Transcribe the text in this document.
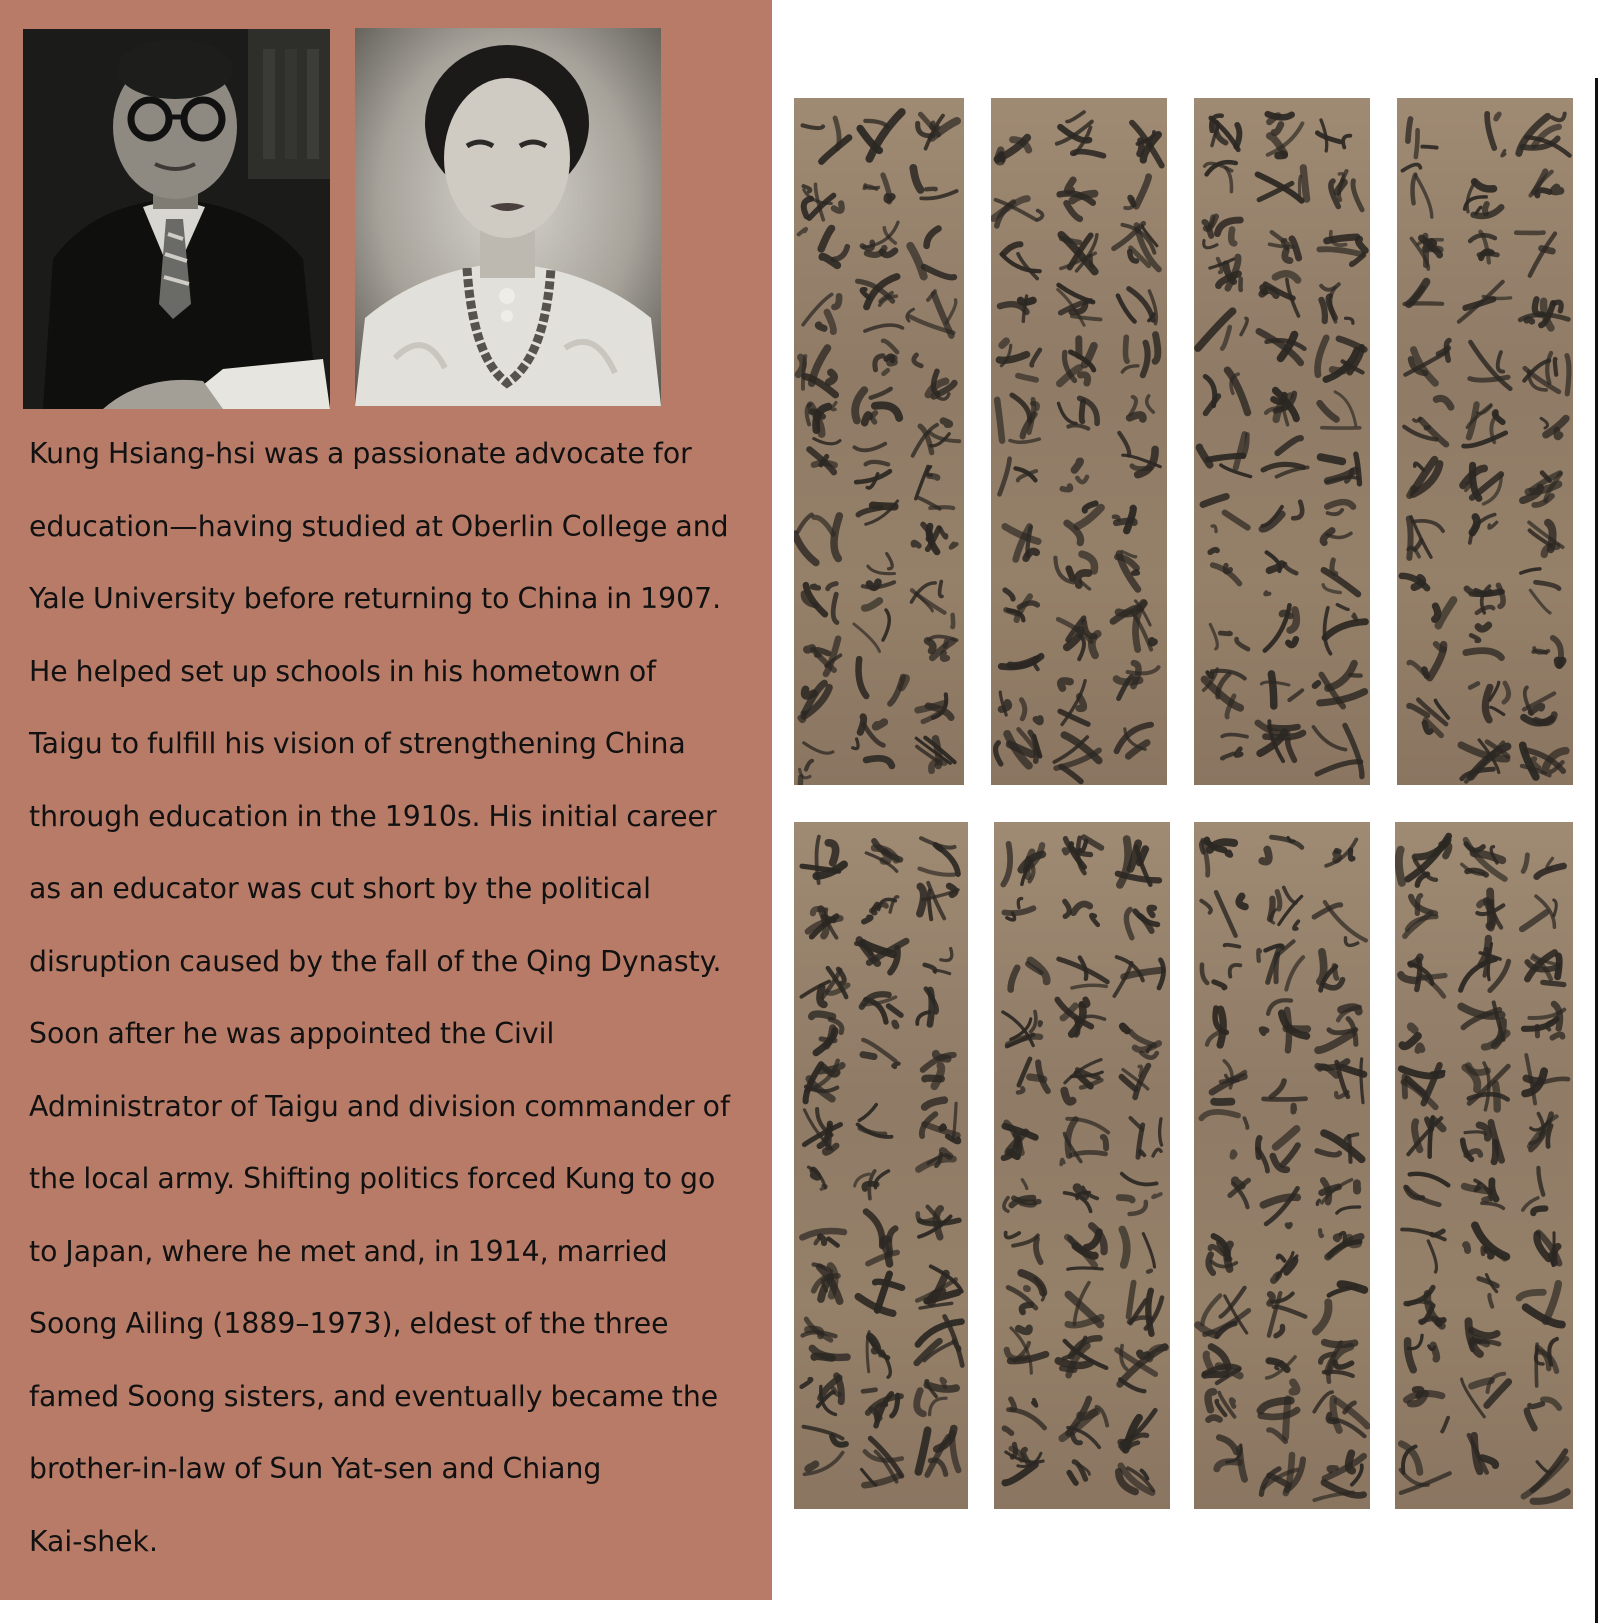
Kung Hsiang-hsi was a passionate advocate for
education—having studied at Oberlin College and
Yale University before returning to China in 1907.
He helped set up schools in his hometown of
Taigu to fulfill his vision of strengthening China
through education in the 1910s. His initial career
as an educator was cut short by the political
disruption caused by the fall of the Qing Dynasty.
Soon after he was appointed the Civil
Administrator of Taigu and division commander of
the local army. Shifting politics forced Kung to go
to Japan, where he met and, in 1914, married
Soong Ailing (1889–1973), eldest of the three
famed Soong sisters, and eventually became the
brother-in-law of Sun Yat-sen and Chiang
Kai-shek.
